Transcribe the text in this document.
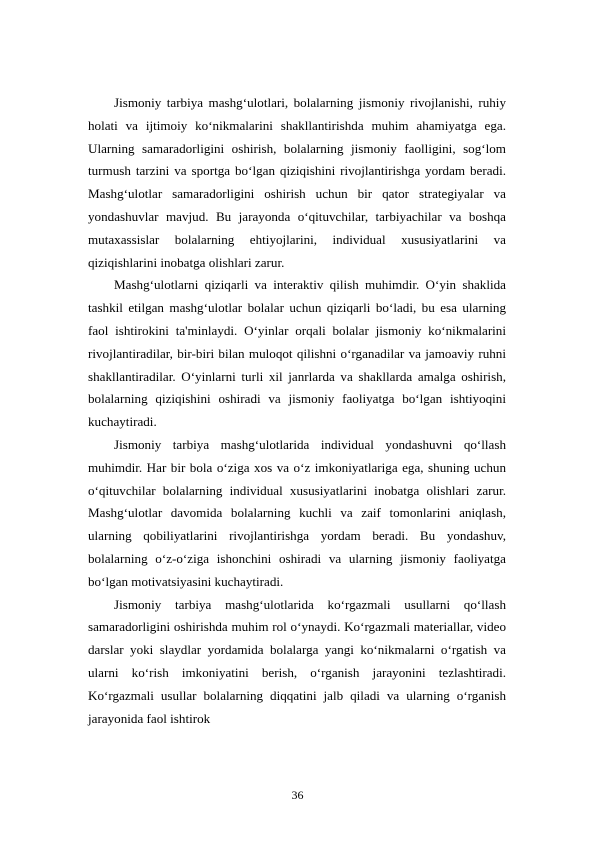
Jismoniy tarbiya mashg‘ulotlari, bolalarning jismoniy rivojlanishi, ruhiy holati va ijtimoiy ko‘nikmalarini shakllantirishda muhim ahamiyatga ega. Ularning samaradorligini oshirish, bolalarning jismoniy faolligini, sog‘lom turmush tarzini va sportga bo‘lgan qiziqishini rivojlantirishga yordam beradi. Mashg‘ulotlar samaradorligini oshirish uchun bir qator strategiyalar va yondashuvlar mavjud. Bu jarayonda o‘qituvchilar, tarbiyachilar va boshqa mutaxassislar bolalarning ehtiyojlarini, individual xususiyatlarini va qiziqishlarini inobatga olishlari zarur.

Mashg‘ulotlarni qiziqarli va interaktiv qilish muhimdir. O‘yin shaklida tashkil etilgan mashg‘ulotlar bolalar uchun qiziqarli bo‘ladi, bu esa ularning faol ishtirokini ta'minlaydi. O‘yinlar orqali bolalar jismoniy ko‘nikmalarini rivojlantiradilar, bir-biri bilan muloqot qilishni o‘rganadilar va jamoaviy ruhni shakllantiradilar. O‘yinlarni turli xil janrlarda va shakllarda amalga oshirish, bolalarning qiziqishini oshiradi va jismoniy faoliyatga bo‘lgan ishtiyoqini kuchaytiradi.

Jismoniy tarbiya mashg‘ulotlarida individual yondashuvni qo‘llash muhimdir. Har bir bola o‘ziga xos va o‘z imkoniyatlariga ega, shuning uchun o‘qituvchilar bolalarning individual xususiyatlarini inobatga olishlari zarur. Mashg‘ulotlar davomida bolalarning kuchli va zaif tomonlarini aniqlash, ularning qobiliyatlarini rivojlantirishga yordam beradi. Bu yondashuv, bolalarning o‘z-o‘ziga ishonchini oshiradi va ularning jismoniy faoliyatga bo‘lgan motivatsiyasini kuchaytiradi.

Jismoniy tarbiya mashg‘ulotlarida ko‘rgazmali usullarni qo‘llash samaradorligini oshirishda muhim rol o‘ynaydi. Ko‘rgazmali materiallar, video darslar yoki slaydlar yordamida bolalarga yangi ko‘nikmalarni o‘rgatish va ularni ko‘rish imkoniyatini berish, o‘rganish jarayonini tezlashtiradi. Ko‘rgazmali usullar bolalarning diqqatini jalb qiladi va ularning o‘rganish jarayonida faol ishtirok

36
